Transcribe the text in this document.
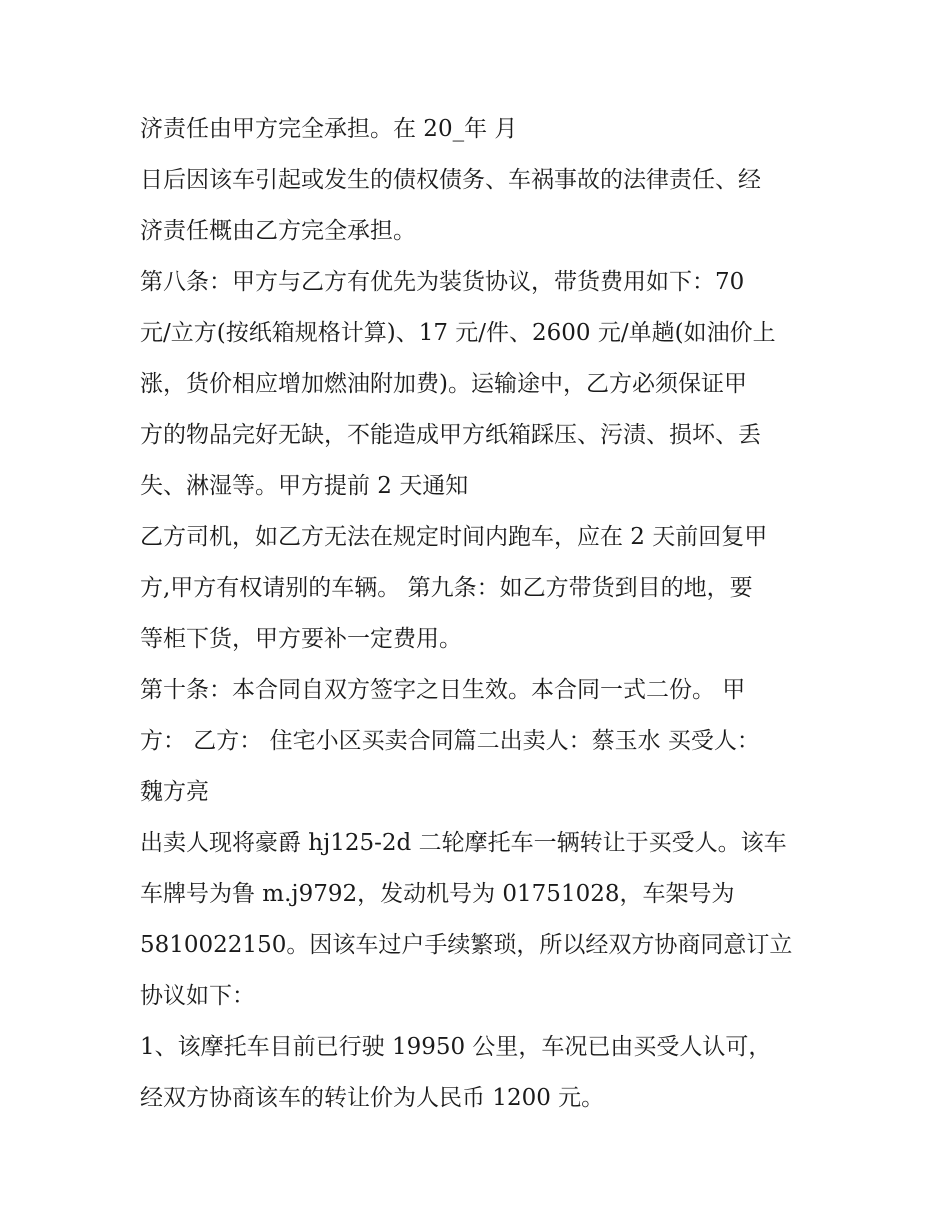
济责任由甲方完全承担。在 20_年 月
日后因该车引起或发生的债权债务、车祸事故的法律责任、经
济责任概由乙方完全承担。
第八条：甲方与乙方有优先为装货协议，带货费用如下：70
元/立方(按纸箱规格计算)、17 元/件、2600 元/单趟(如油价上
涨，货价相应增加燃油附加费)。运输途中，乙方必须保证甲
方的物品完好无缺，不能造成甲方纸箱踩压、污渍、损坏、丢
失、淋湿等。甲方提前 2 天通知
乙方司机，如乙方无法在规定时间内跑车，应在 2 天前回复甲
方,甲方有权请别的车辆。 第九条：如乙方带货到目的地，要
等柜下货，甲方要补一定费用。
第十条：本合同自双方签字之日生效。本合同一式二份。 甲
方： 乙方： 住宅小区买卖合同篇二出卖人：蔡玉水 买受人：
魏方亮
出卖人现将豪爵 hj125-2d 二轮摩托车一辆转让于买受人。该车
车牌号为鲁 m.j9792，发动机号为 01751028，车架号为
5810022150。因该车过户手续繁琐，所以经双方协商同意订立
协议如下：
1、该摩托车目前已行驶 19950 公里，车况已由买受人认可，
经双方协商该车的转让价为人民币 1200 元。
